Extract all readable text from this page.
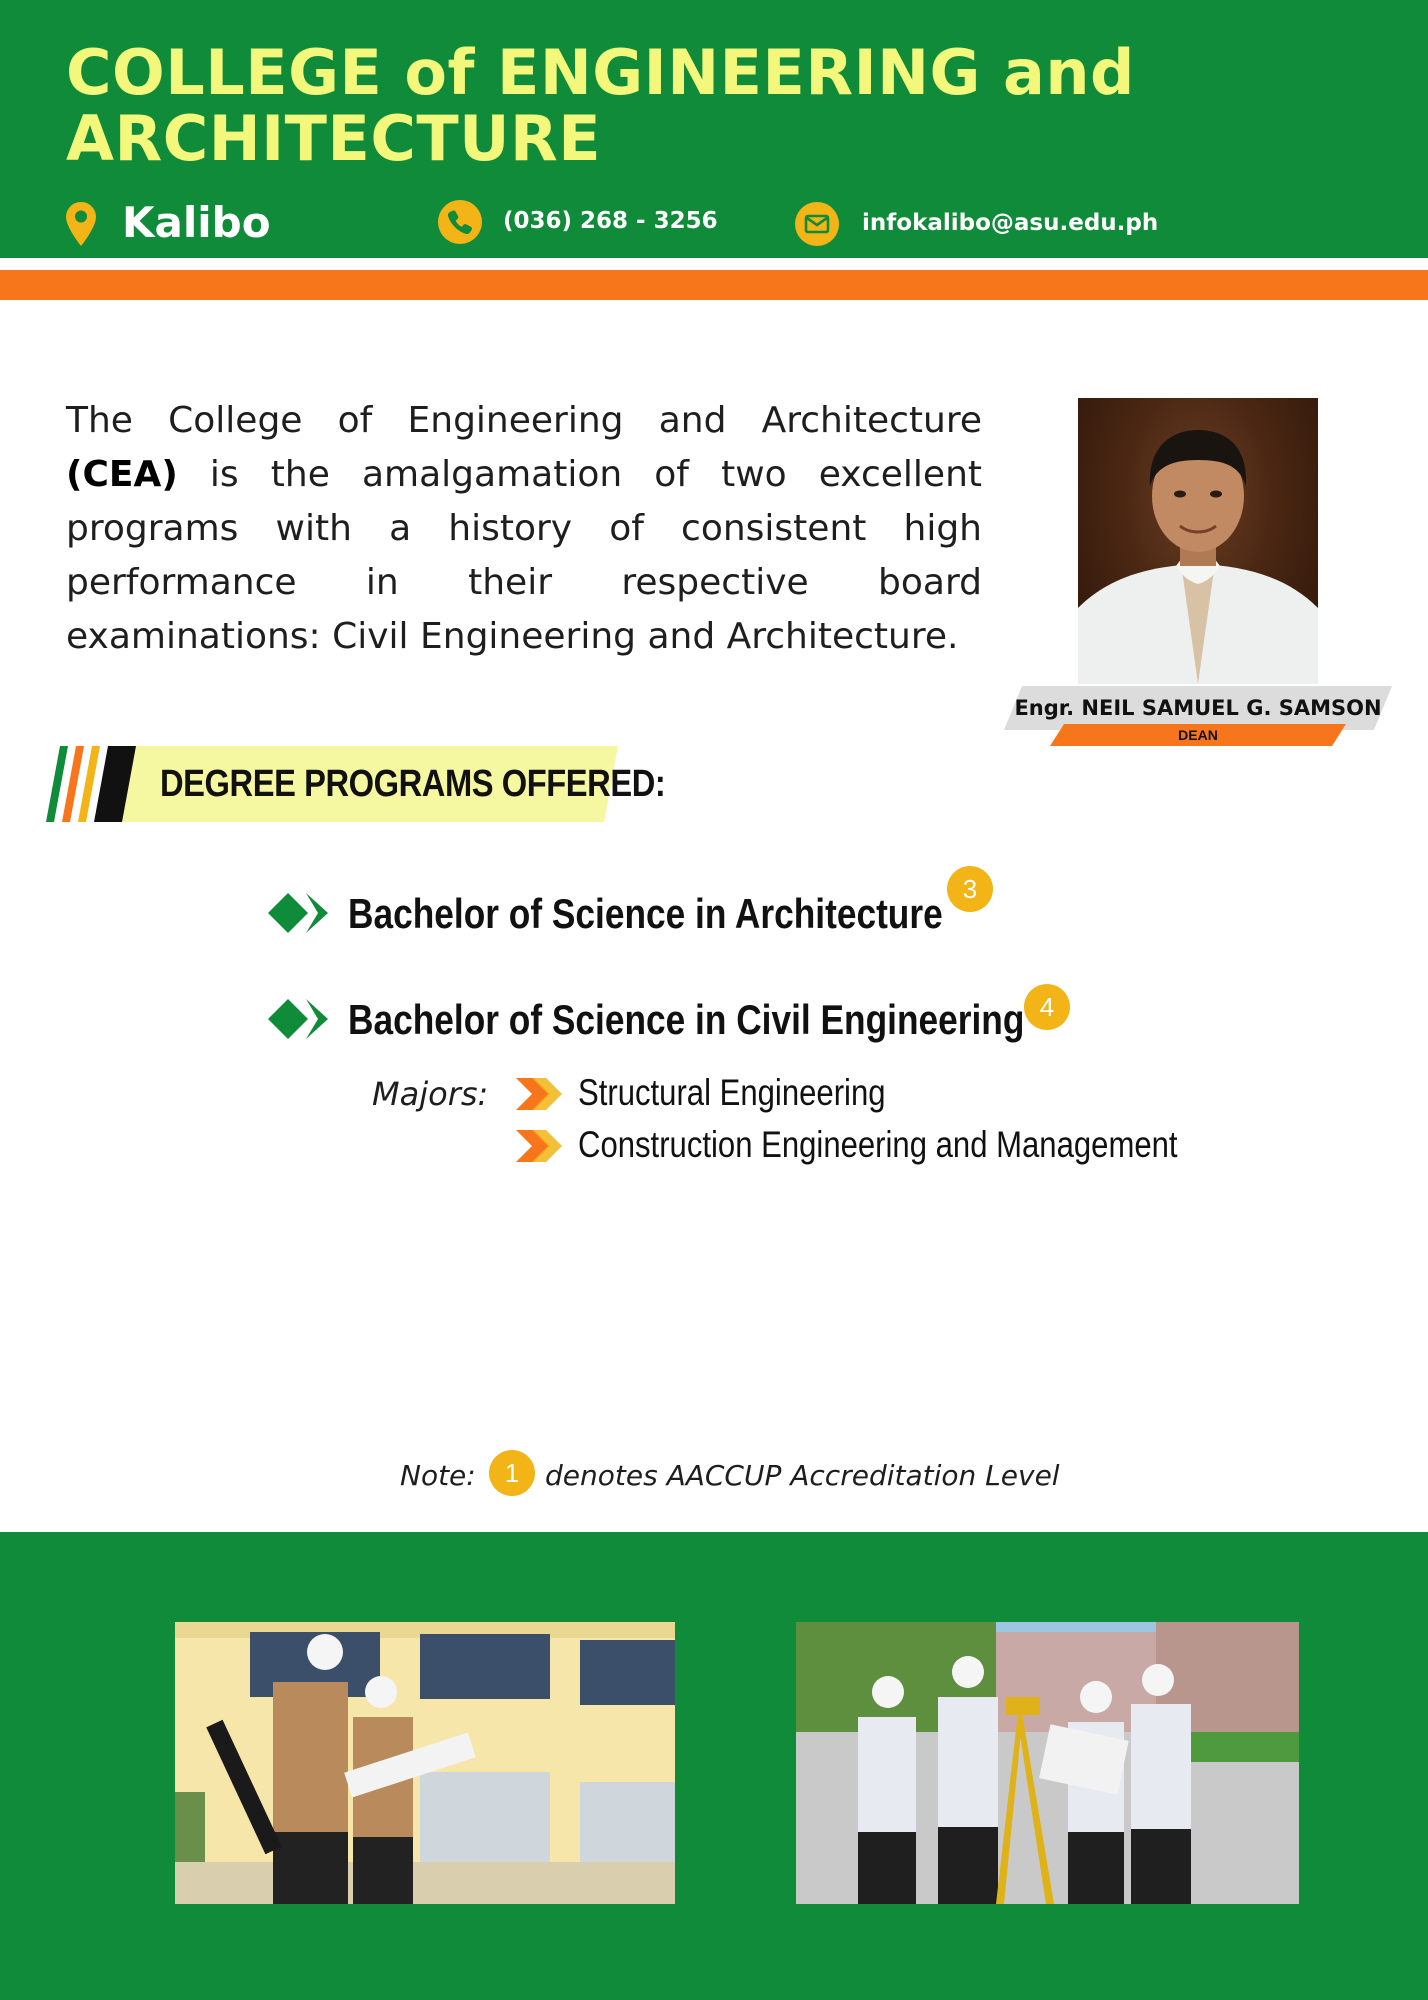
COLLEGE of ENGINEERING and ARCHITECTURE
Kalibo	(036) 268 - 3256	infokalibo@asu.edu.ph
The College of Engineering and Architecture (CEA) is the amalgamation of two excellent programs with a history of consistent high performance in their respective board examinations: Civil Engineering and Architecture.
Engr. NEIL SAMUEL G. SAMSON
DEAN
DEGREE PROGRAMS OFFERED:
Bachelor of Science in Architecture
3
Bachelor of Science in Civil Engineering 4
Majors: Structural Engineering
Construction Engineering and Management
Note:	1 denotes AACCUP Accreditation Level
